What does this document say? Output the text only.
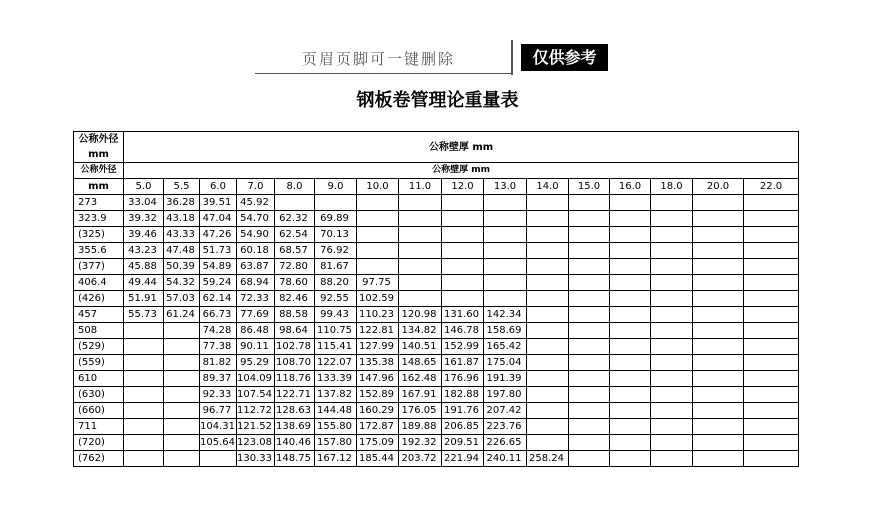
页眉页脚可一键删除	仅供参考
钢板卷管理论重量表
公称外径
mm	公称壁厚 mm															
公称外径	公称壁厚 mm															
mm	5.0	5.5	6.0	7.0	8.0	9.0	10.0	11.0	12.0	13.0	14.0	15.0	16.0	18.0	20.0	22.0
273	33.04	36.28	39.51	45.92												
323.9	39.32	43.18	47.04	54.70	62.32	69.89										
(325)	39.46	43.33	47.26	54.90	62.54	70.13										
355.6	43.23	47.48	51.73	60.18	68.57	76.92										
(377)	45.88	50.39	54.89	63.87	72.80	81.67										
406.4	49.44	54.32	59.24	68.94	78.60	88.20	97.75									
(426)	51.91	57.03	62.14	72.33	82.46	92.55	102.59									
457	55.73	61.24	66.73	77.69	88.58	99.43	110.23	120.98	131.60	142.34						
508			74.28	86.48	98.64	110.75	122.81	134.82	146.78	158.69						
(529)			77.38	90.11	102.78	115.41	127.99	140.51	152.99	165.42						
(559)			81.82	95.29	108.70	122.07	135.38	148.65	161.87	175.04						
610			89.37	104.09	118.76	133.39	147.96	162.48	176.96	191.39						
(630)			92.33	107.54	122.71	137.82	152.89	167.91	182.88	197.80						
(660)			96.77	112.72	128.63	144.48	160.29	176.05	191.76	207.42						
711			104.31	121.52	138.69	155.80	172.87	189.88	206.85	223.76						
(720)			105.64	123.08	140.46	157.80	175.09	192.32	209.51	226.65						
(762)				130.33	148.75	167.12	185.44	203.72	221.94	240.11	258.24					
